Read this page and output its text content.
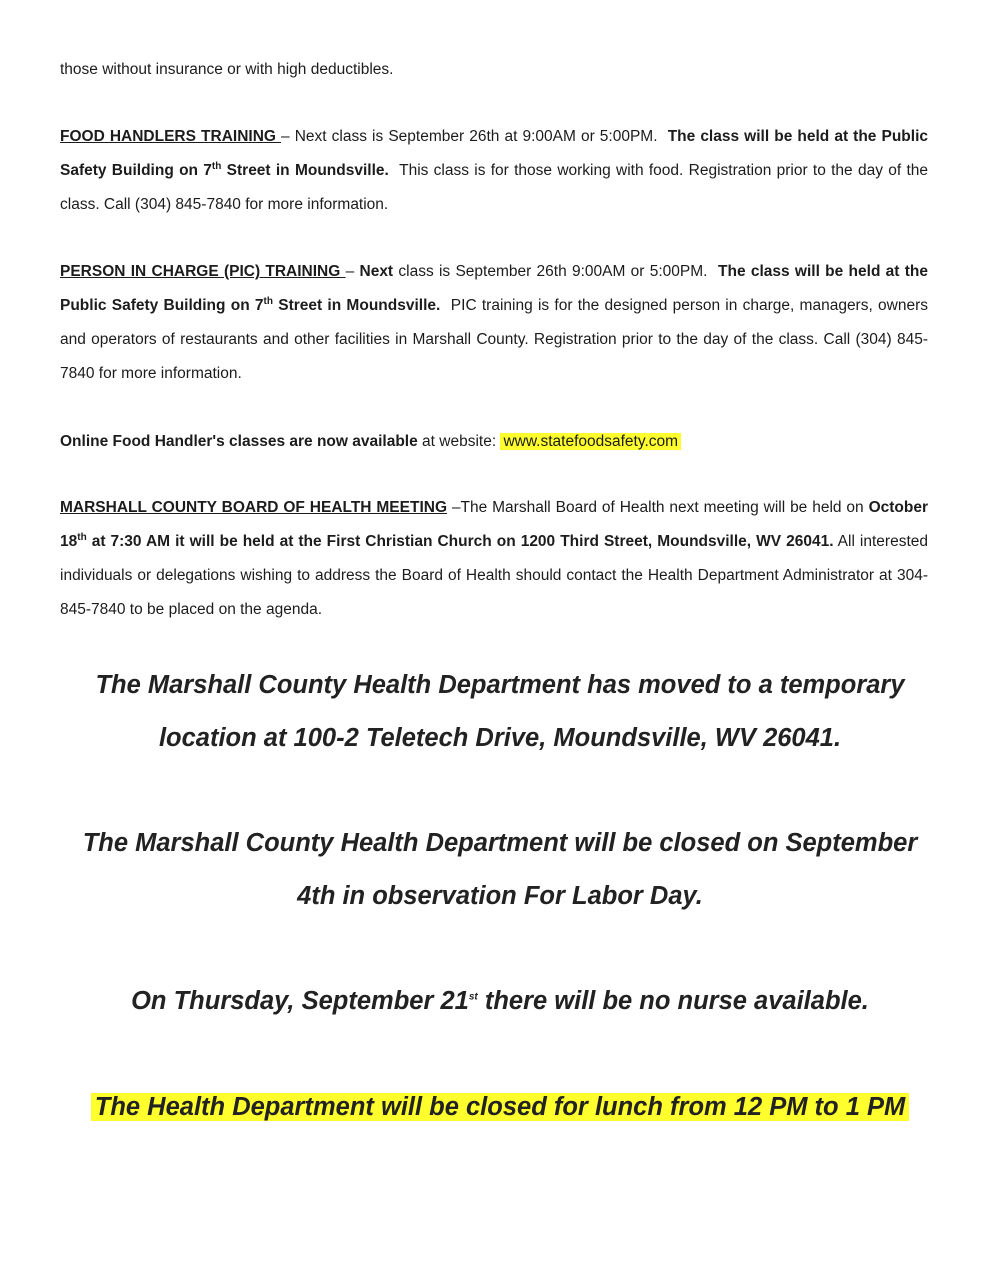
those without insurance or with high deductibles.
FOOD HANDLERS TRAINING – Next class is September 26th at 9:00AM or 5:00PM. The class will be held at the Public Safety Building on 7th Street in Moundsville. This class is for those working with food. Registration prior to the day of the class. Call (304) 845-7840 for more information.
PERSON IN CHARGE (PIC) TRAINING – Next class is September 26th 9:00AM or 5:00PM. The class will be held at the Public Safety Building on 7th Street in Moundsville. PIC training is for the designed person in charge, managers, owners and operators of restaurants and other facilities in Marshall County. Registration prior to the day of the class. Call (304) 845-7840 for more information.
Online Food Handler's classes are now available at website: www.statefoodsafety.com
MARSHALL COUNTY BOARD OF HEALTH MEETING –The Marshall Board of Health next meeting will be held on October 18th at 7:30 AM it will be held at the First Christian Church on 1200 Third Street, Moundsville, WV 26041. All interested individuals or delegations wishing to address the Board of Health should contact the Health Department Administrator at 304-845-7840 to be placed on the agenda.
The Marshall County Health Department has moved to a temporary
location at 100-2 Teletech Drive, Moundsville, WV 26041.
The Marshall County Health Department will be closed on September
4th in observation For Labor Day.
On Thursday, September 21st there will be no nurse available.
The Health Department will be closed for lunch from 12 PM to 1 PM
